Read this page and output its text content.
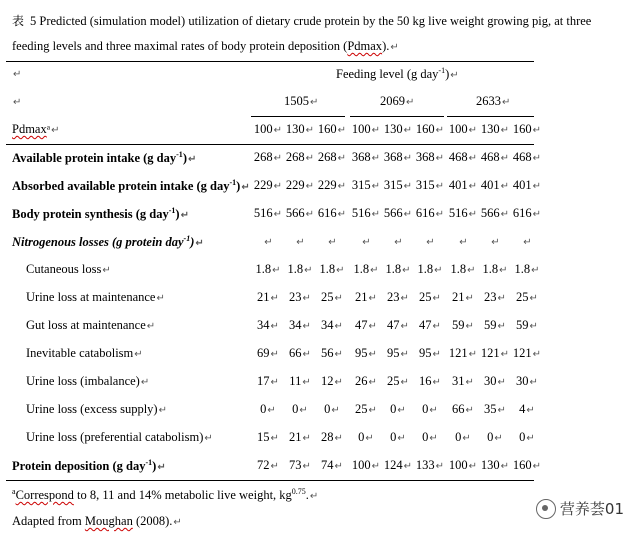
表 5 Predicted (simulation model) utilization of dietary crude protein by the 50 kg live weight growing pig, at three
feeding levels and three maximal rates of body protein deposition (Pdmax).↵
↵	Feeding level (g day$^{-1}$)↵
↵	1505↵	2069↵	2633↵
Pdmaxᵃ↵	100↵ 130↵ 160↵ 100↵ 130↵ 160↵ 100↵ 130↵ 160↵
Available protein intake (g day$^{-1}$)↵	268↵ 268↵ 268↵ 368↵ 368↵ 368↵ 468↵ 468↵ 468↵
Absorbed available protein intake (g day$^{-1}$)↵ 229↵ 229↵ 229↵ 315↵ 315↵ 315↵ 401↵ 401↵ 401↵
Body protein synthesis (g day$^{-1}$)↵	516↵ 566↵ 616↵ 516↵ 566↵ 616↵ 516↵ 566↵ 616↵
Nitrogenous losses (g protein day$^{-1}$)↵	↵	↵	↵	↵	↵	↵	↵	↵	↵
Cutaneous loss↵	1.8↵ 1.8↵ 1.8↵ 1.8↵ 1.8↵ 1.8↵ 1.8↵ 1.8↵ 1.8↵
Urine loss at maintenance↵	21↵ 23↵ 25↵ 21↵ 23↵ 25↵ 21↵ 23↵ 25↵
Gut loss at maintenance↵	34↵ 34↵ 34↵ 47↵ 47↵ 47↵ 59↵ 59↵ 59↵
Inevitable catabolism↵	69↵ 66↵ 56↵ 95↵ 95↵ 95↵ 121↵ 121↵ 121↵
Urine loss (imbalance)↵	17↵ 11↵ 12↵ 26↵ 25↵ 16↵ 31↵ 30↵ 30↵
Urine loss (excess supply)↵	0↵	0↵	0↵	25↵	0↵	0↵	66↵ 35↵	4↵
Urine loss (preferential catabolism)↵	15↵ 21↵ 28↵	0↵	0↵	0↵	0↵	0↵	0↵
Protein deposition (g day$^{-1}$)↵	72↵ 73↵ 74↵ 100↵ 124↵ 133↵ 100↵ 130↵ 160↵
$^a$Correspond to 8, 11 and 14% metabolic live weight, $kg^{0.75}.↵$
Adapted from Moughan (2008).↵
营养荟01
